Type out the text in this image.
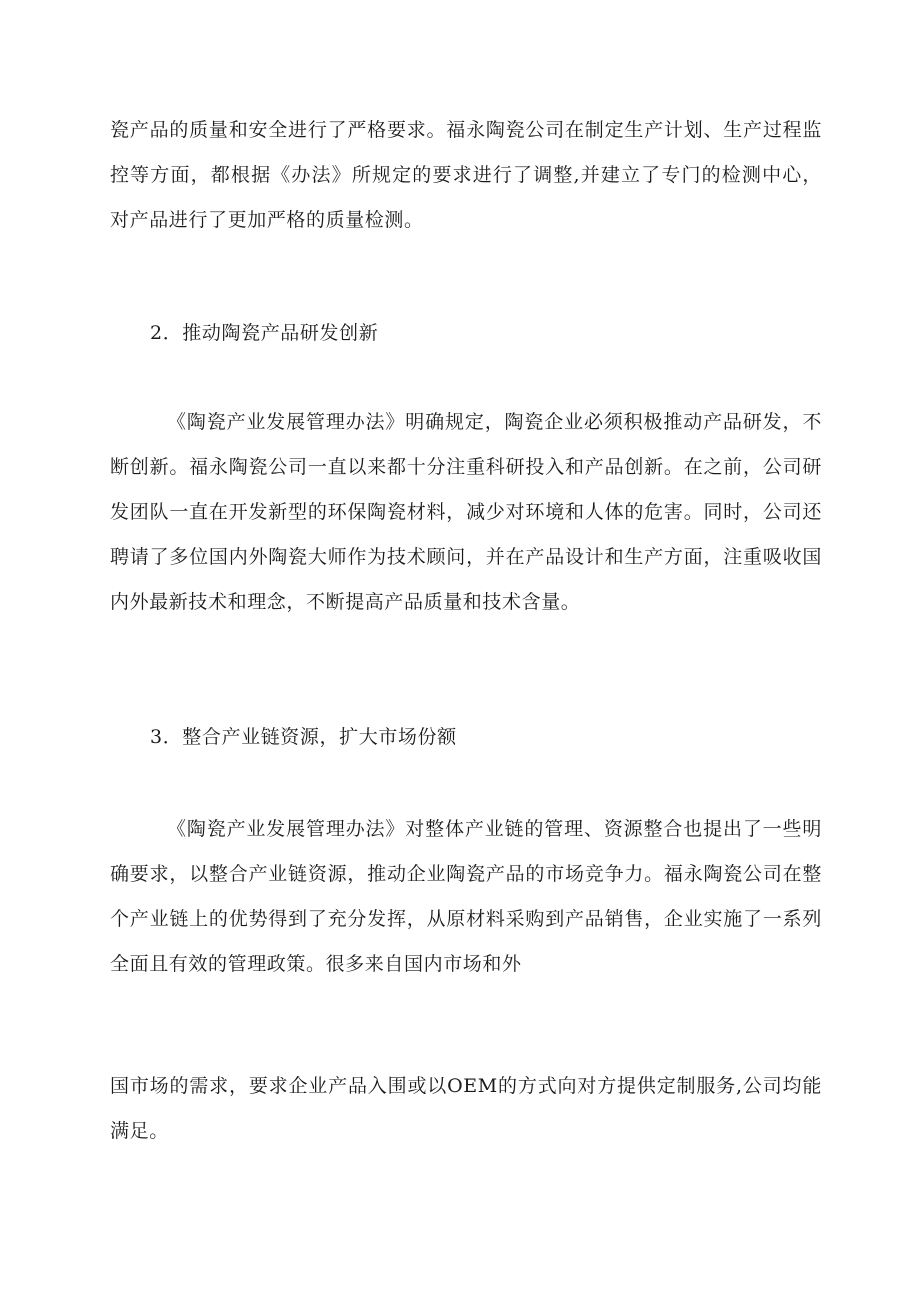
瓷产品的质量和安全进行了严格要求。福永陶瓷公司在制定生产计划、生产过程监控等方面，都根据《办法》所规定的要求进行了调整,并建立了专门的检测中心，对产品进行了更加严格的质量检测。

2．推动陶瓷产品研发创新

《陶瓷产业发展管理办法》明确规定，陶瓷企业必须积极推动产品研发，不断创新。福永陶瓷公司一直以来都十分注重科研投入和产品创新。在之前，公司研发团队一直在开发新型的环保陶瓷材料，减少对环境和人体的危害。同时，公司还聘请了多位国内外陶瓷大师作为技术顾问，并在产品设计和生产方面，注重吸收国内外最新技术和理念，不断提高产品质量和技术含量。

3．整合产业链资源，扩大市场份额

《陶瓷产业发展管理办法》对整体产业链的管理、资源整合也提出了一些明确要求，以整合产业链资源，推动企业陶瓷产品的市场竞争力。福永陶瓷公司在整个产业链上的优势得到了充分发挥，从原材料采购到产品销售，企业实施了一系列全面且有效的管理政策。很多来自国内市场和外

国市场的需求，要求企业产品入围或以OEM的方式向对方提供定制服务,公司均能满足。
